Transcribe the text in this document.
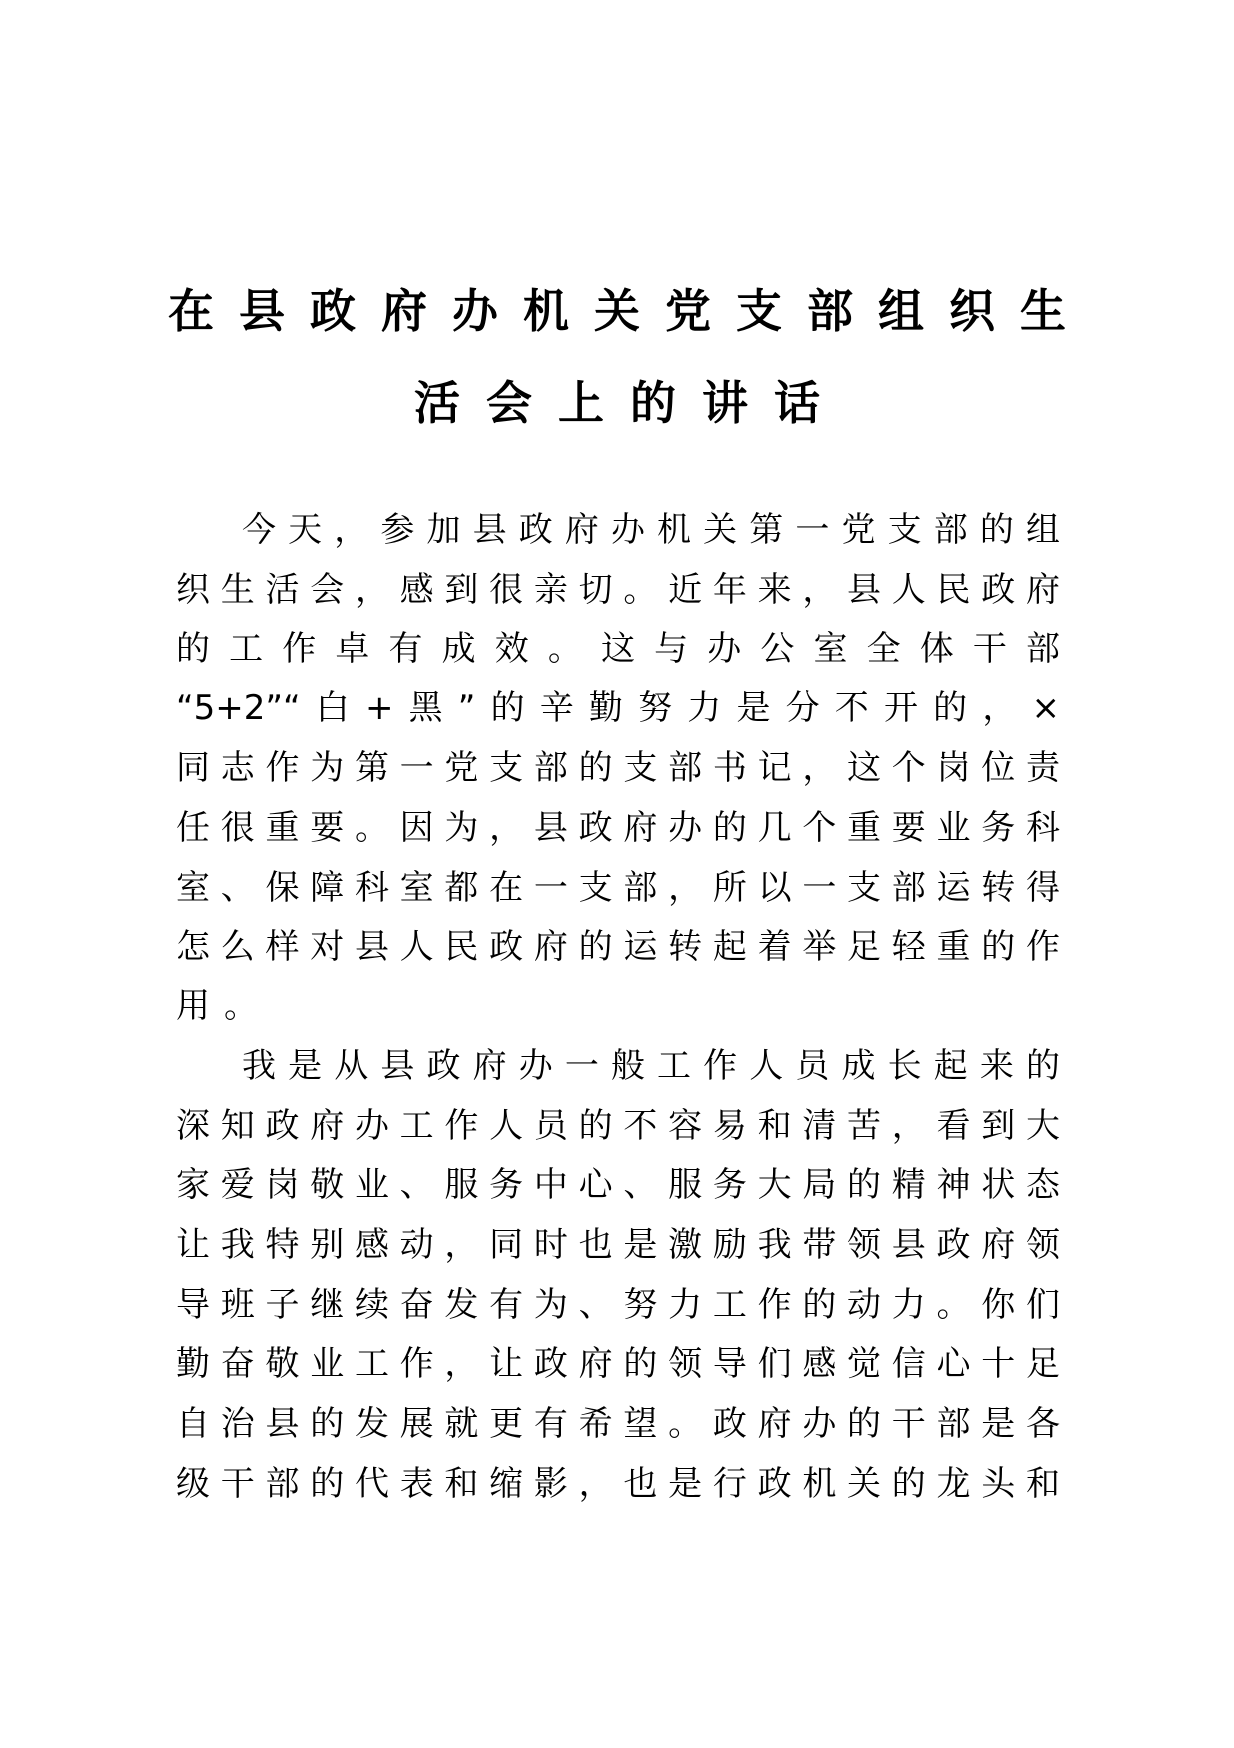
在县政府办机关党支部组织生
活会上的讲话
今天，参加县政府办机关第一党支部的组
织生活会，感到很亲切。近年来，县人民政府
的工作卓有成效。这与办公室全体干部
“5+2”“白+黑”的辛勤努力是分不开的，×
同志作为第一党支部的支部书记，这个岗位责
任很重要。因为，县政府办的几个重要业务科
室、保障科室都在一支部，所以一支部运转得
怎么样对县人民政府的运转起着举足轻重的作
用。
我是从县政府办一般工作人员成长起来的
深知政府办工作人员的不容易和清苦，看到大
家爱岗敬业、服务中心、服务大局的精神状态
让我特别感动，同时也是激励我带领县政府领
导班子继续奋发有为、努力工作的动力。你们
勤奋敬业工作，让政府的领导们感觉信心十足
自治县的发展就更有希望。政府办的干部是各
级干部的代表和缩影，也是行政机关的龙头和
